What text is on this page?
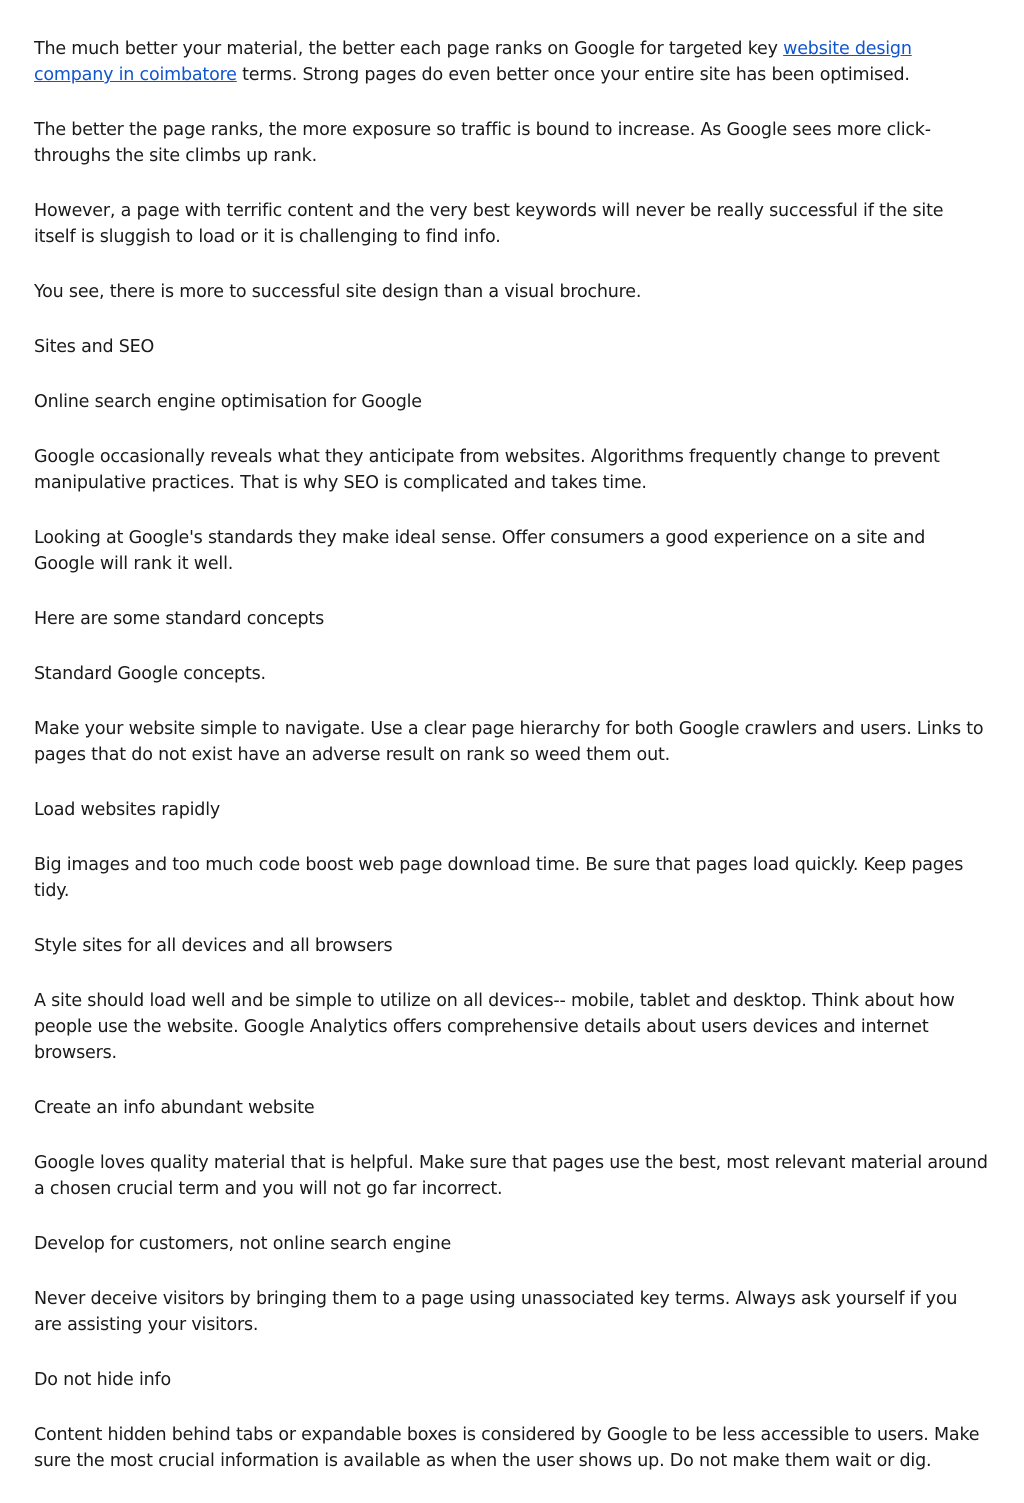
The much better your material, the better each page ranks on Google for targeted key website design company in coimbatore terms. Strong pages do even better once your entire site has been optimised.

The better the page ranks, the more exposure so traffic is bound to increase. As Google sees more click-throughs the site climbs up rank.

However, a page with terrific content and the very best keywords will never be really successful if the site itself is sluggish to load or it is challenging to find info.

You see, there is more to successful site design than a visual brochure.

Sites and SEO

Online search engine optimisation for Google

Google occasionally reveals what they anticipate from websites. Algorithms frequently change to prevent manipulative practices. That is why SEO is complicated and takes time.

Looking at Google's standards they make ideal sense. Offer consumers a good experience on a site and Google will rank it well.

Here are some standard concepts

Standard Google concepts.

Make your website simple to navigate. Use a clear page hierarchy for both Google crawlers and users. Links to pages that do not exist have an adverse result on rank so weed them out.

Load websites rapidly

Big images and too much code boost web page download time. Be sure that pages load quickly. Keep pages tidy.

Style sites for all devices and all browsers

A site should load well and be simple to utilize on all devices-- mobile, tablet and desktop. Think about how people use the website. Google Analytics offers comprehensive details about users devices and internet browsers.

Create an info abundant website

Google loves quality material that is helpful. Make sure that pages use the best, most relevant material around a chosen crucial term and you will not go far incorrect.

Develop for customers, not online search engine

Never deceive visitors by bringing them to a page using unassociated key terms. Always ask yourself if you are assisting your visitors.

Do not hide info

Content hidden behind tabs or expandable boxes is considered by Google to be less accessible to users. Make sure the most crucial information is available as when the user shows up. Do not make them wait or dig.
